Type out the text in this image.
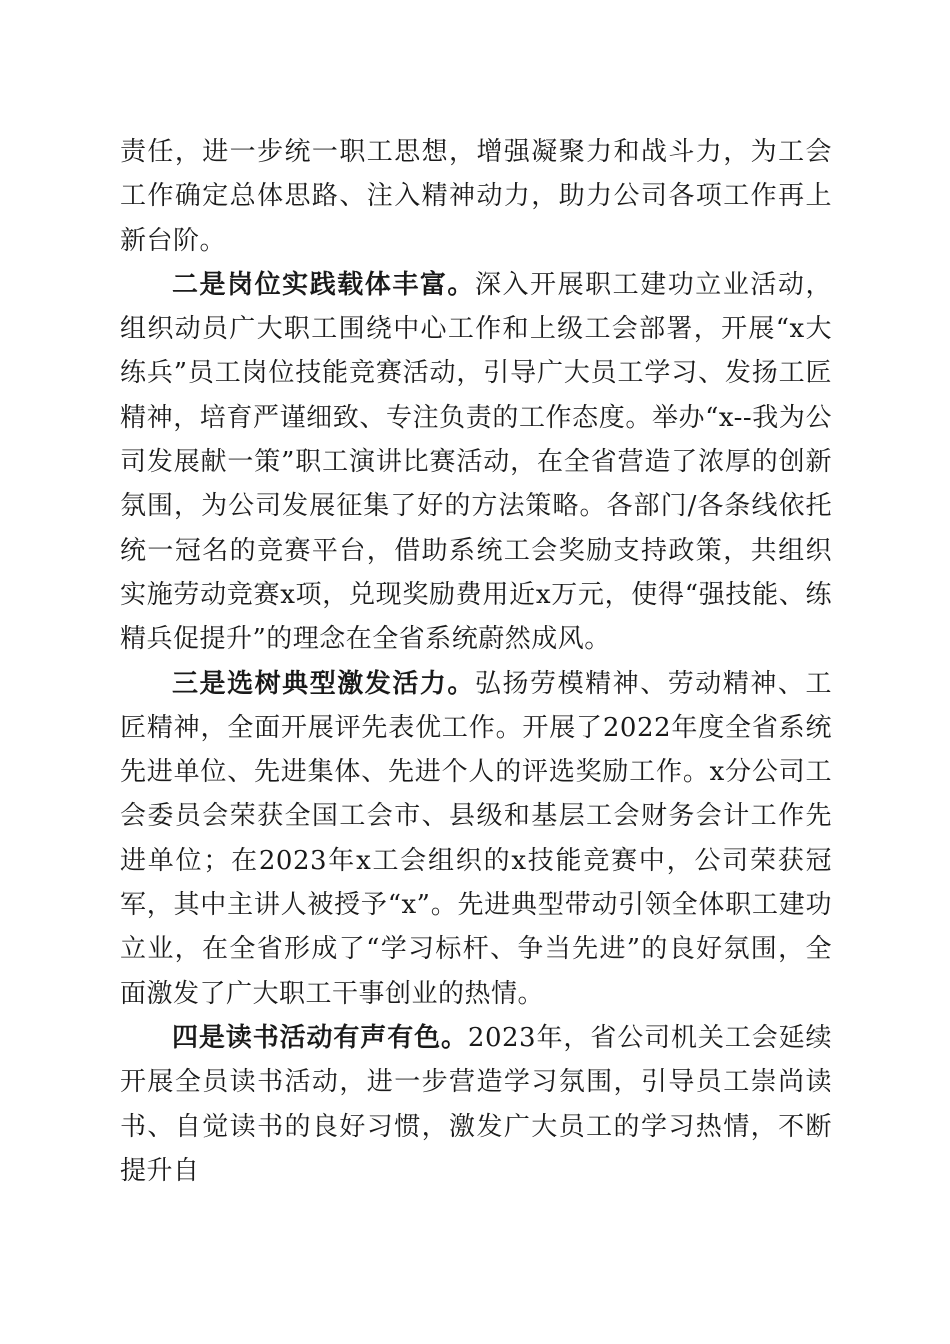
责任，进一步统一职工思想，增强凝聚力和战斗力，为工会工作确定总体思路、注入精神动力，助力公司各项工作再上新台阶。

二是岗位实践载体丰富。深入开展职工建功立业活动，组织动员广大职工围绕中心工作和上级工会部署，开展“x大练兵”员工岗位技能竞赛活动，引导广大员工学习、发扬工匠精神，培育严谨细致、专注负责的工作态度。举办“x--我为公司发展献一策”职工演讲比赛活动，在全省营造了浓厚的创新氛围，为公司发展征集了好的方法策略。各部门/各条线依托统一冠名的竞赛平台，借助系统工会奖励支持政策，共组织实施劳动竞赛x项，兑现奖励费用近x万元，使得“强技能、练精兵促提升”的理念在全省系统蔚然成风。

三是选树典型激发活力。弘扬劳模精神、劳动精神、工匠精神，全面开展评先表优工作。开展了2022年度全省系统先进单位、先进集体、先进个人的评选奖励工作。x分公司工会委员会荣获全国工会市、县级和基层工会财务会计工作先进单位；在2023年x工会组织的x技能竞赛中，公司荣获冠军，其中主讲人被授予“x”。先进典型带动引领全体职工建功立业，在全省形成了“学习标杆、争当先进”的良好氛围，全面激发了广大职工干事创业的热情。

四是读书活动有声有色。2023年，省公司机关工会延续开展全员读书活动，进一步营造学习氛围，引导员工崇尚读书、自觉读书的良好习惯，激发广大员工的学习热情，不断提升自
